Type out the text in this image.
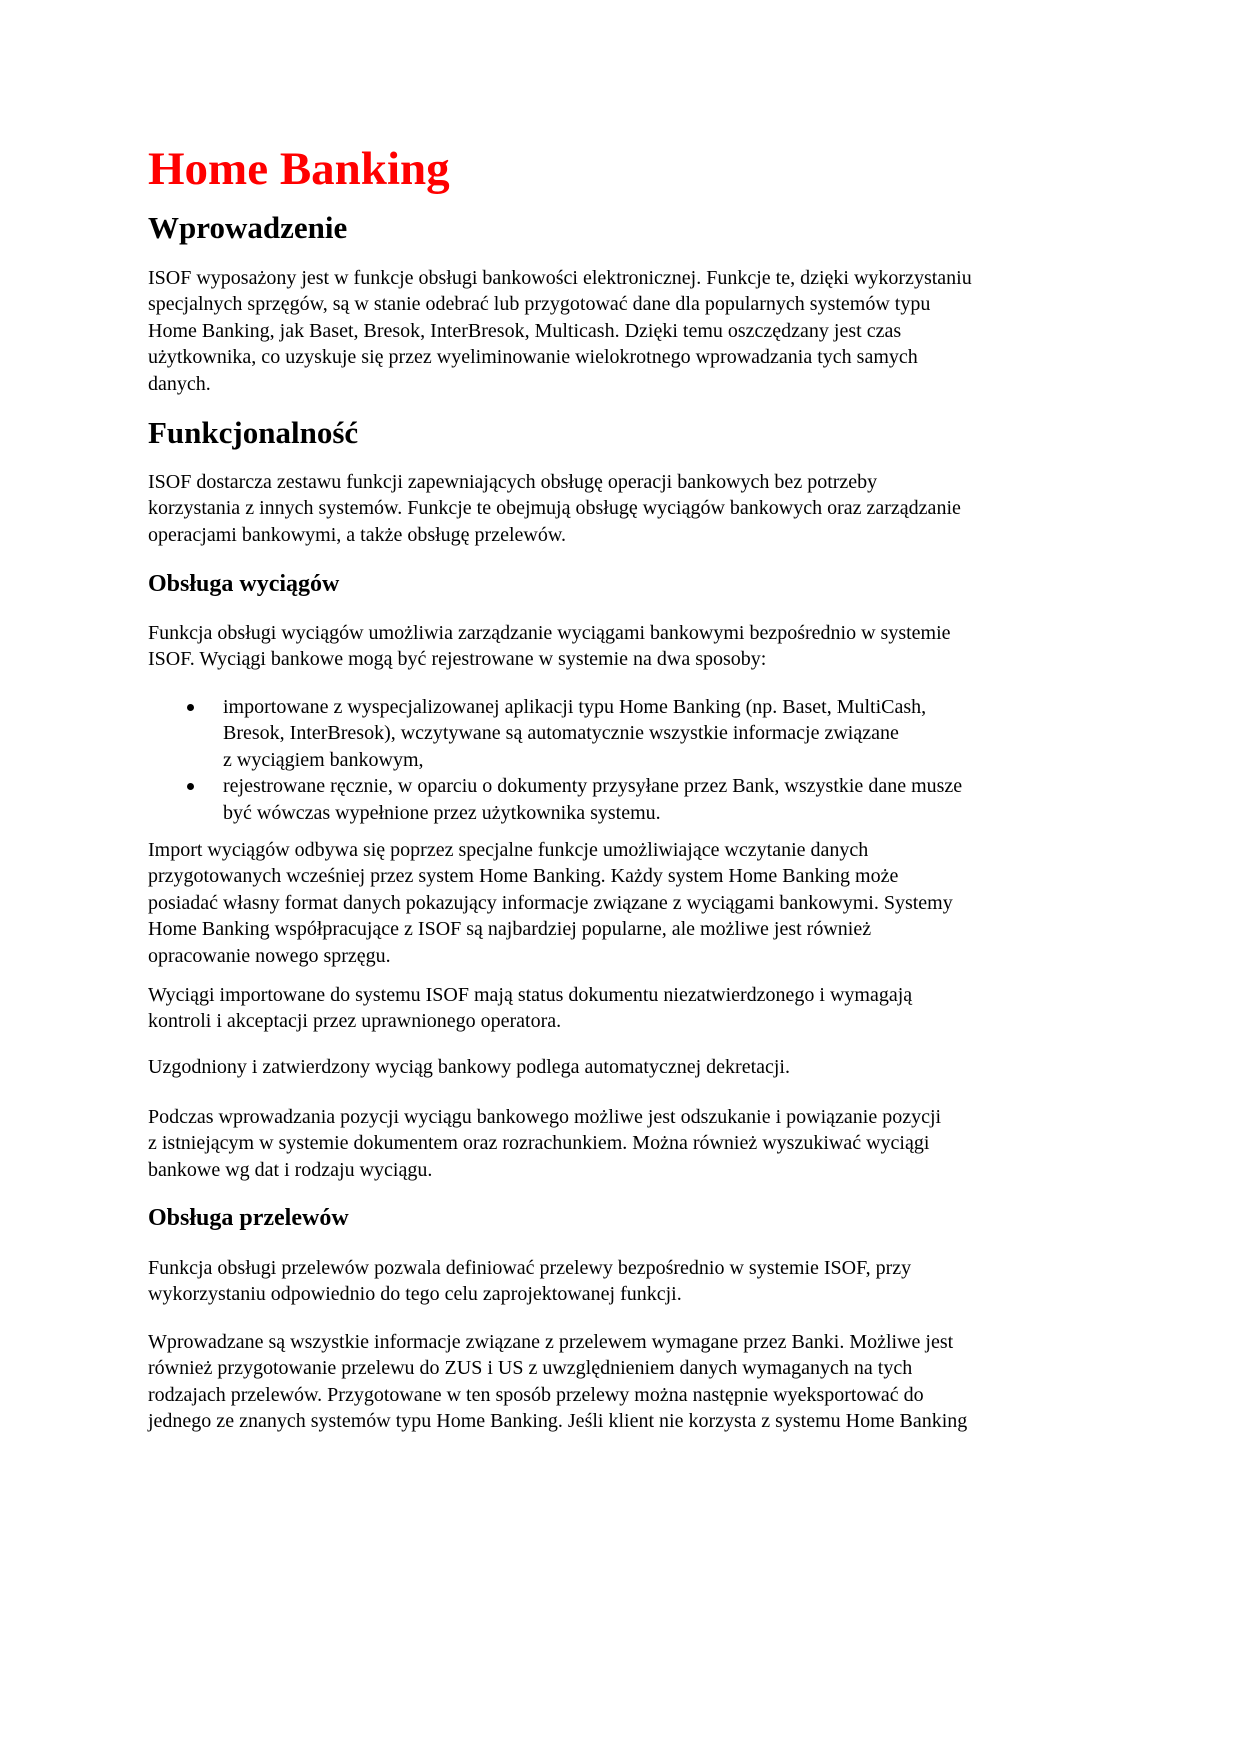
Home Banking
Wprowadzenie
ISOF wyposażony jest w funkcje obsługi bankowości elektronicznej. Funkcje te, dzięki wykorzystaniu
specjalnych sprzęgów, są w stanie odebrać lub przygotować dane dla popularnych systemów typu
Home Banking, jak Baset, Bresok, InterBresok, Multicash. Dzięki temu oszczędzany jest czas
użytkownika, co uzyskuje się przez wyeliminowanie wielokrotnego wprowadzania tych samych
danych.
Funkcjonalność
ISOF dostarcza zestawu funkcji zapewniających obsługę operacji bankowych bez potrzeby
korzystania z innych systemów. Funkcje te obejmują obsługę wyciągów bankowych oraz zarządzanie
operacjami bankowymi, a także obsługę przelewów.
Obsługa wyciągów
Funkcja obsługi wyciągów umożliwia zarządzanie wyciągami bankowymi bezpośrednio w systemie
ISOF. Wyciągi bankowe mogą być rejestrowane w systemie na dwa sposoby:
importowane z wyspecjalizowanej aplikacji typu Home Banking (np. Baset, MultiCash,
Bresok, InterBresok), wczytywane są automatycznie wszystkie informacje związane
z wyciągiem bankowym,
rejestrowane ręcznie, w oparciu o dokumenty przysyłane przez Bank, wszystkie dane musze
być wówczas wypełnione przez użytkownika systemu.
Import wyciągów odbywa się poprzez specjalne funkcje umożliwiające wczytanie danych
przygotowanych wcześniej przez system Home Banking. Każdy system Home Banking może
posiadać własny format danych pokazujący informacje związane z wyciągami bankowymi. Systemy
Home Banking współpracujące z ISOF są najbardziej popularne, ale możliwe jest również
opracowanie nowego sprzęgu.
Wyciągi importowane do systemu ISOF mają status dokumentu niezatwierdzonego i wymagają
kontroli i akceptacji przez uprawnionego operatora.
Uzgodniony i zatwierdzony wyciąg bankowy podlega automatycznej dekretacji.
Podczas wprowadzania pozycji wyciągu bankowego możliwe jest odszukanie i powiązanie pozycji
z istniejącym w systemie dokumentem oraz rozrachunkiem. Można również wyszukiwać wyciągi
bankowe wg dat i rodzaju wyciągu.
Obsługa przelewów
Funkcja obsługi przelewów pozwala definiować przelewy bezpośrednio w systemie ISOF, przy
wykorzystaniu odpowiednio do tego celu zaprojektowanej funkcji.
Wprowadzane są wszystkie informacje związane z przelewem wymagane przez Banki. Możliwe jest
również przygotowanie przelewu do ZUS i US z uwzględnieniem danych wymaganych na tych
rodzajach przelewów. Przygotowane w ten sposób przelewy można następnie wyeksportować do
jednego ze znanych systemów typu Home Banking. Jeśli klient nie korzysta z systemu Home Banking
